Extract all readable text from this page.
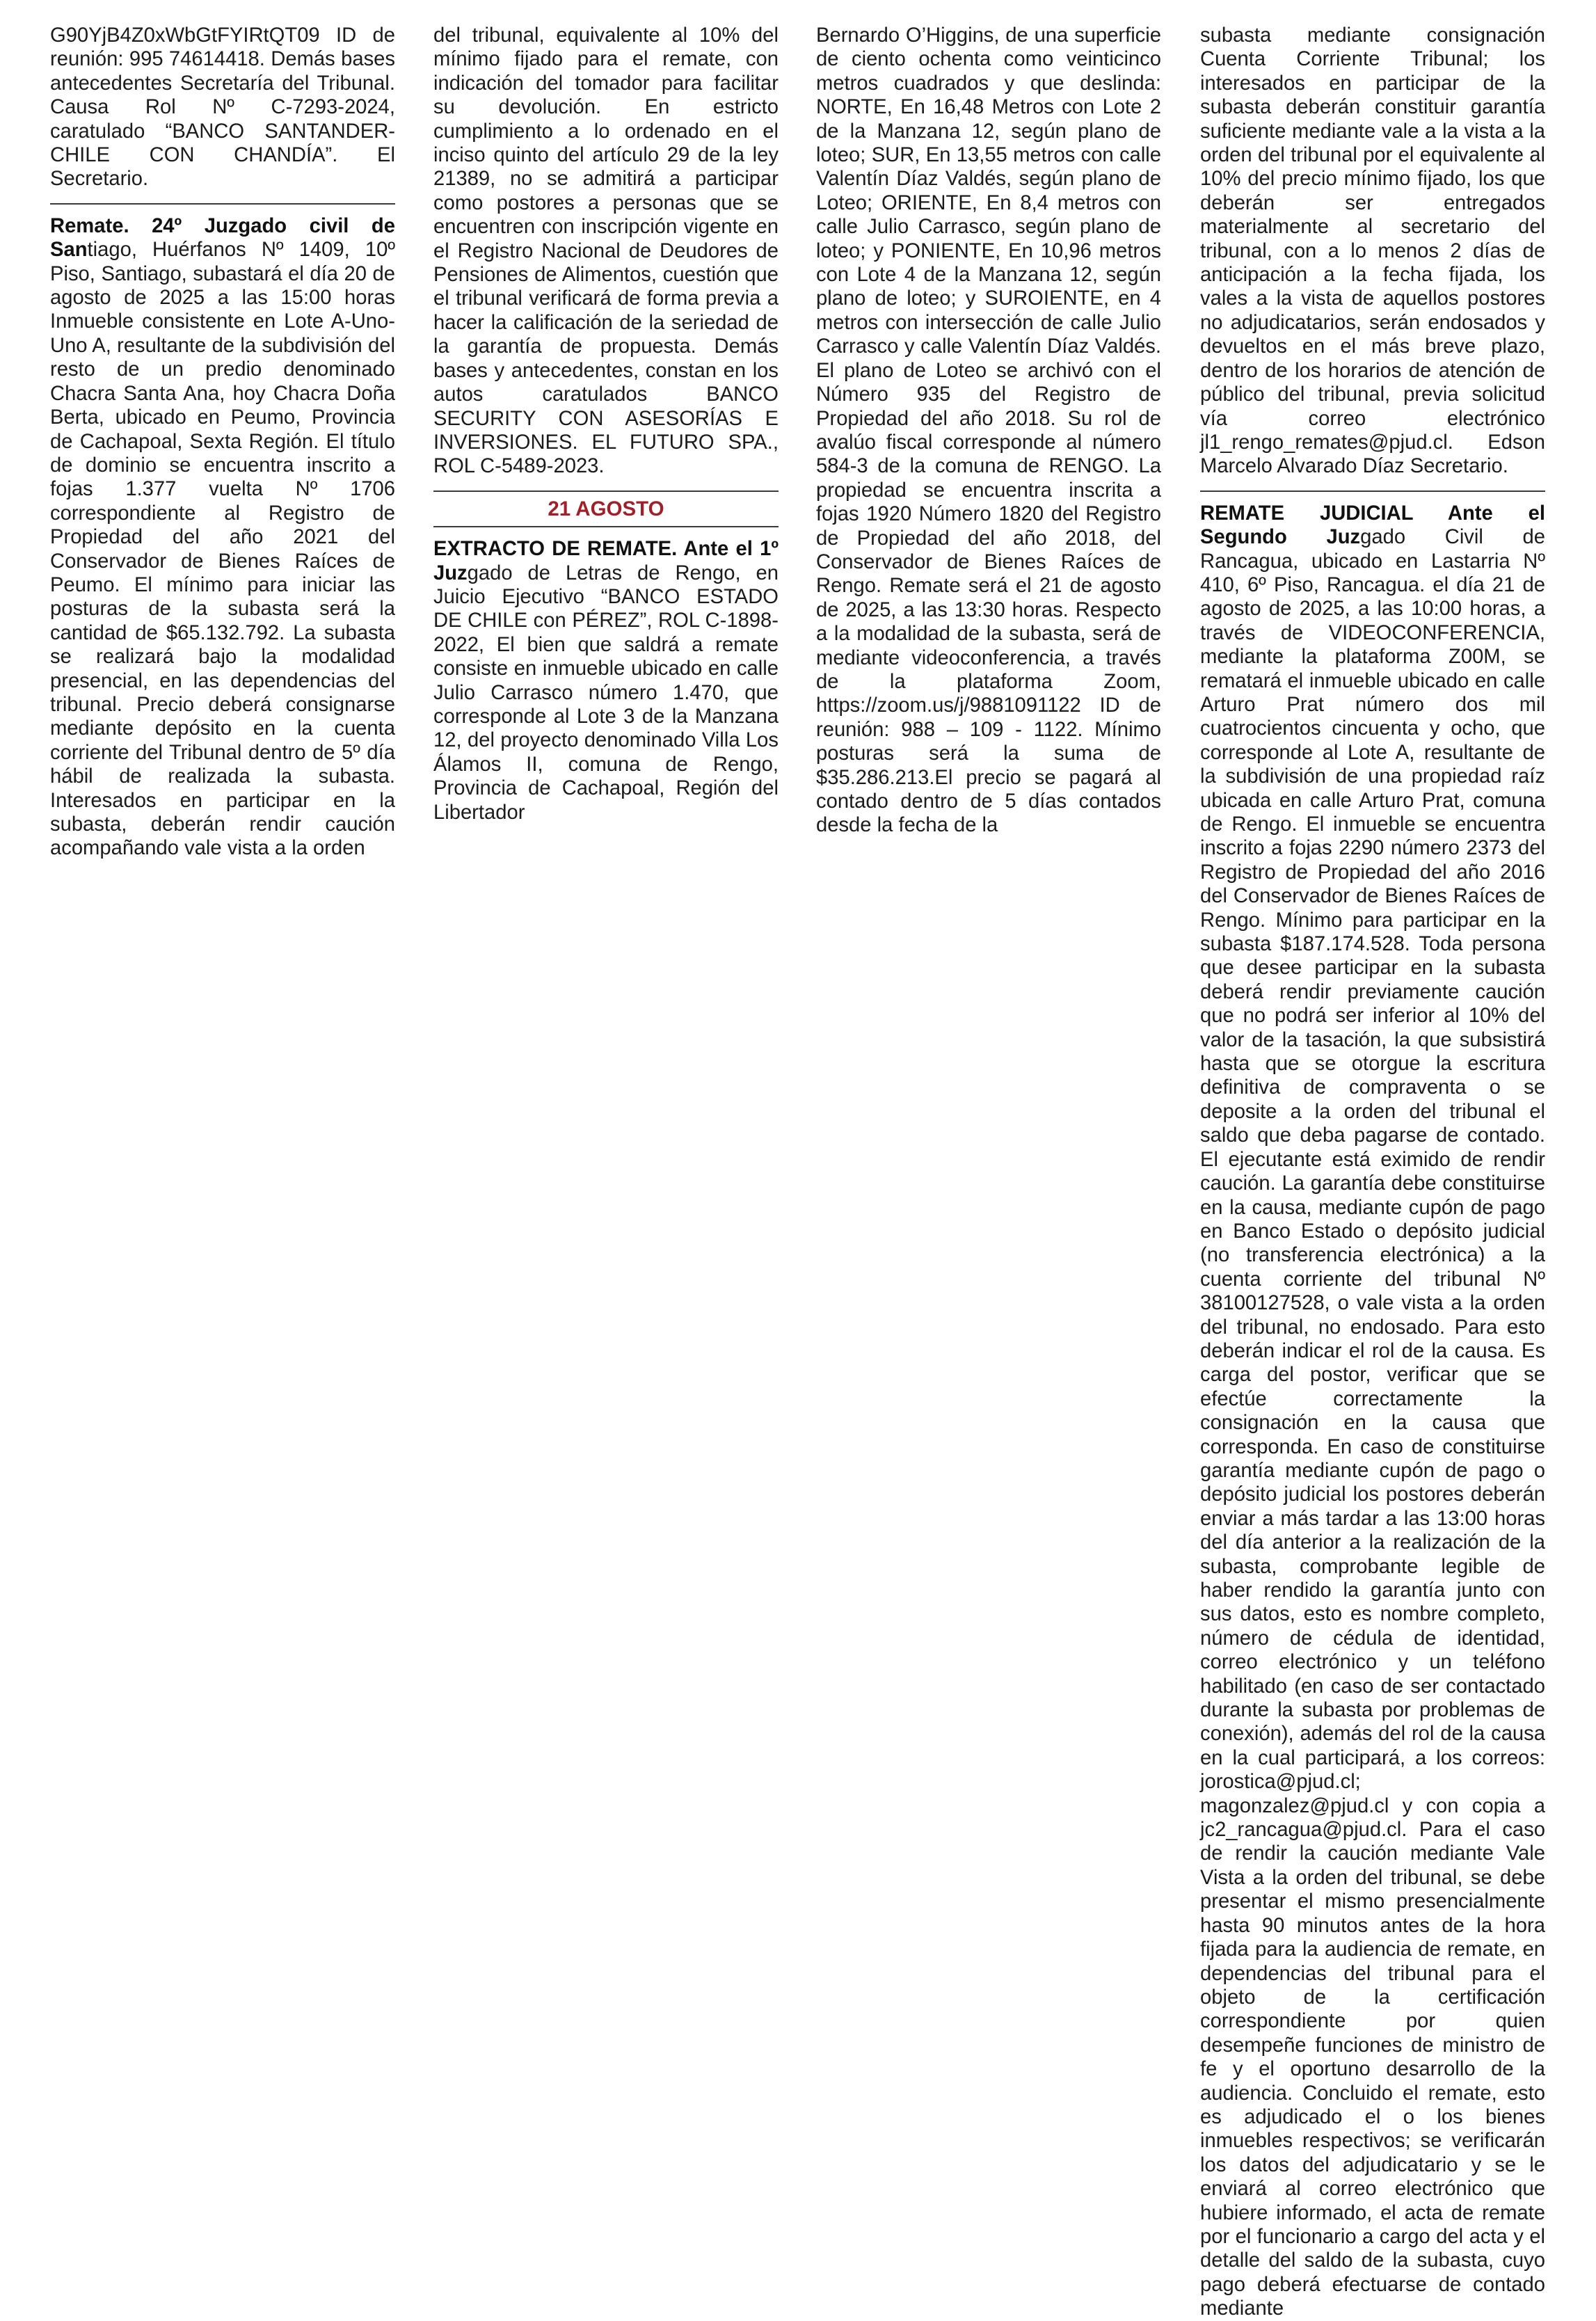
G90YjB4Z0xWbGtFYIRtQT09 ID de reunión: 995 74614418. Demás bases antecedentes Secretaría del Tribunal. Causa Rol Nº C-7293-2024, caratulado “BANCO SANTANDER-CHILE CON CHANDÍA”. El Secretario.

Remate. 24º Juzgado civil de Santiago, Huérfanos Nº 1409, 10º Piso, Santiago, subastará el día 20 de agosto de 2025 a las 15:00 horas Inmueble consistente en Lote A-Uno-Uno A, resultante de la subdivisión del resto de un predio denominado Chacra Santa Ana, hoy Chacra Doña Berta, ubicado en Peumo, Provincia de Cachapoal, Sexta Región. El título de dominio se encuentra inscrito a fojas 1.377 vuelta Nº 1706 correspondiente al Registro de Propiedad del año 2021 del Conservador de Bienes Raíces de Peumo. El mínimo para iniciar las posturas de la subasta será la cantidad de $65.132.792. La subasta se realizará bajo la modalidad presencial, en las dependencias del tribunal. Precio deberá consignarse mediante depósito en la cuenta corriente del Tribunal dentro de 5º día hábil de realizada la subasta. Interesados en participar en la subasta, deberán rendir caución acompañando vale vista a la orden

del tribunal, equivalente al 10% del mínimo fijado para el remate, con indicación del tomador para facilitar su devolución. En estricto cumplimiento a lo ordenado en el inciso quinto del artículo 29 de la ley 21389, no se admitirá a participar como postores a personas que se encuentren con inscripción vigente en el Registro Nacional de Deudores de Pensiones de Alimentos, cuestión que el tribunal verificará de forma previa a hacer la calificación de la seriedad de la garantía de propuesta. Demás bases y antecedentes, constan en los autos caratulados BANCO SECURITY CON ASESORÍAS E INVERSIONES. EL FUTURO SPA., ROL C-5489-2023.

21 AGOSTO

EXTRACTO DE REMATE. Ante el 1º Juzgado de Letras de Rengo, en Juicio Ejecutivo “BANCO ESTADO DE CHILE con PÉREZ”, ROL C-1898-2022, El bien que saldrá a remate consiste en inmueble ubicado en calle Julio Carrasco número 1.470, que corresponde al Lote 3 de la Manzana 12, del proyecto denominado Villa Los Álamos II, comuna de Rengo, Provincia de Cachapoal, Región del Libertador

Bernardo O’Higgins, de una superficie de ciento ochenta como veinticinco metros cuadrados y que deslinda: NORTE, En 16,48 Metros con Lote 2 de la Manzana 12, según plano de loteo; SUR, En 13,55 metros con calle Valentín Díaz Valdés, según plano de Loteo; ORIENTE, En 8,4 metros con calle Julio Carrasco, según plano de loteo; y PONIENTE, En 10,96 metros con Lote 4 de la Manzana 12, según plano de loteo; y SUROIENTE, en 4 metros con intersección de calle Julio Carrasco y calle Valentín Díaz Valdés. El plano de Loteo se archivó con el Número 935 del Registro de Propiedad del año 2018. Su rol de avalúo fiscal corresponde al número 584-3 de la comuna de RENGO. La propiedad se encuentra inscrita a fojas 1920 Número 1820 del Registro de Propiedad del año 2018, del Conservador de Bienes Raíces de Rengo. Remate será el 21 de agosto de 2025, a las 13:30 horas. Respecto a la modalidad de la subasta, será de mediante videoconferencia, a través de la plataforma Zoom, https://zoom.us/j/9881091122 ID de reunión: 988 – 109 - 1122. Mínimo posturas será la suma de $35.286.213.El precio se pagará al contado dentro de 5 días contados desde la fecha de la

subasta mediante consignación Cuenta Corriente Tribunal; los interesados en participar de la subasta deberán constituir garantía suficiente mediante vale a la vista a la orden del tribunal por el equivalente al 10% del precio mínimo fijado, los que deberán ser entregados materialmente al secretario del tribunal, con a lo menos 2 días de anticipación a la fecha fijada, los vales a la vista de aquellos postores no adjudicatarios, serán endosados y devueltos en el más breve plazo, dentro de los horarios de atención de público del tribunal, previa solicitud vía correo electrónico jl1_rengo_remates@pjud.cl. Edson Marcelo Alvarado Díaz Secretario.

REMATE JUDICIAL Ante el Segundo Juzgado Civil de Rancagua, ubicado en Lastarria Nº 410, 6º Piso, Rancagua. el día 21 de agosto de 2025, a las 10:00 horas, a través de VIDEOCONFERENCIA, mediante la plataforma Z00M, se rematará el inmueble ubicado en calle Arturo Prat número dos mil cuatrocientos cincuenta y ocho, que corresponde al Lote A, resultante de la subdivisión de una propiedad raíz ubicada en calle Arturo Prat, comuna de Rengo. El inmueble se encuentra inscrito a fojas 2290 número 2373 del Registro de Propiedad del año 2016 del Conservador de Bienes Raíces de Rengo. Mínimo para participar en la subasta $187.174.528. Toda persona que desee participar en la subasta deberá rendir previamente caución que no podrá ser inferior al 10% del valor de la tasación, la que subsistirá hasta que se otorgue la escritura definitiva de compraventa o se deposite a la orden del tribunal el saldo que deba pagarse de contado. El ejecutante está eximido de rendir caución. La garantía debe constituirse en la causa, mediante cupón de pago en Banco Estado o depósito judicial (no transferencia electrónica) a la cuenta corriente del tribunal Nº 38100127528, o vale vista a la orden del tribunal, no endosado. Para esto deberán indicar el rol de la causa. Es carga del postor, verificar que se efectúe correctamente la consignación en la causa que corresponda. En caso de constituirse garantía mediante cupón de pago o depósito judicial los postores deberán enviar a más tardar a las 13:00 horas del día anterior a la realización de la subasta, comprobante legible de haber rendido la garantía junto con sus datos, esto es nombre completo, número de cédula de identidad, correo electrónico y un teléfono habilitado (en caso de ser contactado durante la subasta por problemas de conexión), además del rol de la causa en la cual participará, a los correos: jorostica@pjud.cl; magonzalez@pjud.cl y con copia a jc2_rancagua@pjud.cl. Para el caso de rendir la caución mediante Vale Vista a la orden del tribunal, se debe presentar el mismo presencialmente hasta 90 minutos antes de la hora fijada para la audiencia de remate, en dependencias del tribunal para el objeto de la certificación correspondiente por quien desempeñe funciones de ministro de fe y el oportuno desarrollo de la audiencia. Concluido el remate, esto es adjudicado el o los bienes inmuebles respectivos; se verificarán los datos del adjudicatario y se le enviará al correo electrónico que hubiere informado, el acta de remate por el funcionario a cargo del acta y el detalle del saldo de la subasta, cuyo pago deberá efectuarse de contado mediante
